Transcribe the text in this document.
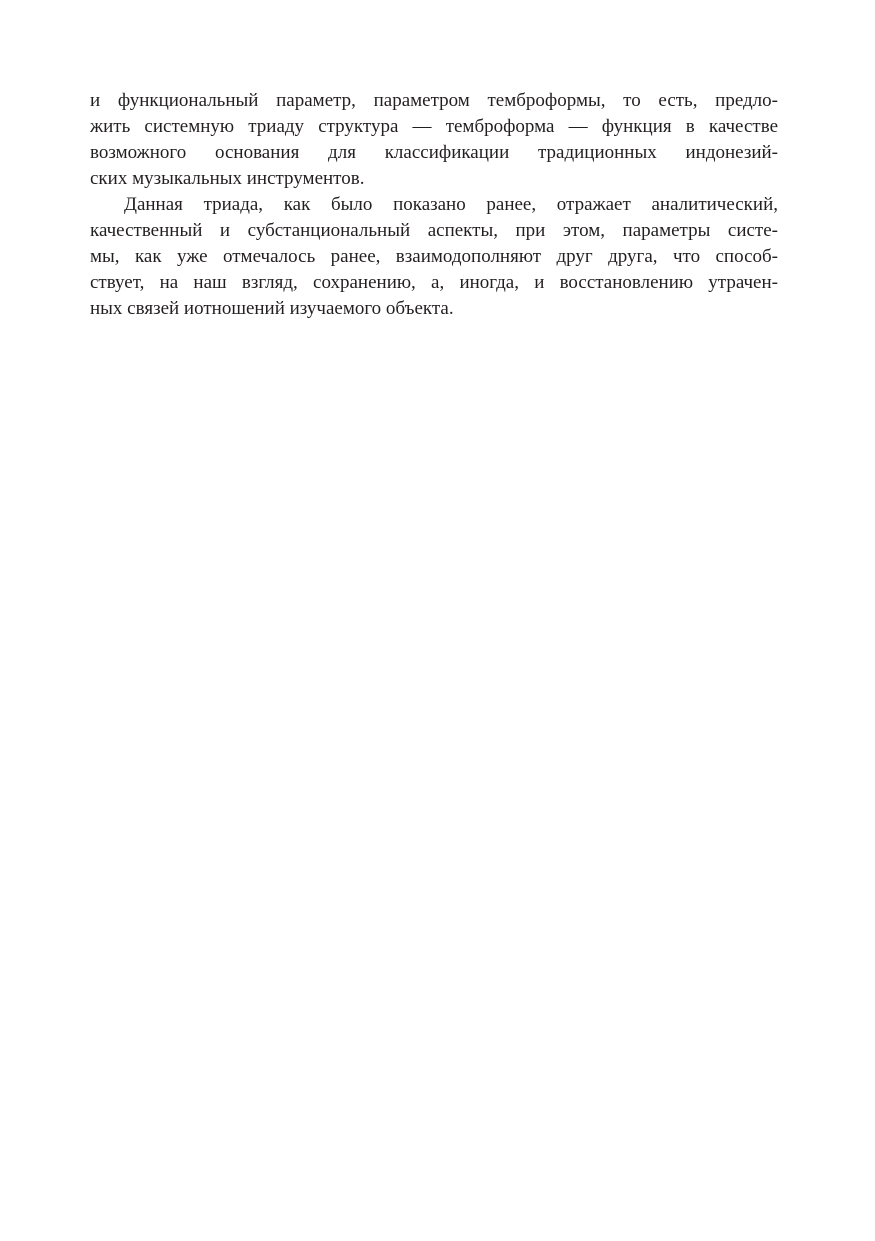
и функциональный параметр, параметром темброформы, то есть, предло-
жить системную триаду структура — темброформа — функция в качестве
возможного основания для классификации традиционных индонезий-
ских музыкальных инструментов.

Данная триада, как было показано ранее, отражает аналитический,
качественный и субстанциональный аспекты, при этом, параметры систе-
мы, как уже отмечалось ранее, взаимодополняют друг друга, что способ-
ствует, на наш взгляд, сохранению, а, иногда, и восстановлению утрачен-
ных связей иотношений изучаемого объекта.
